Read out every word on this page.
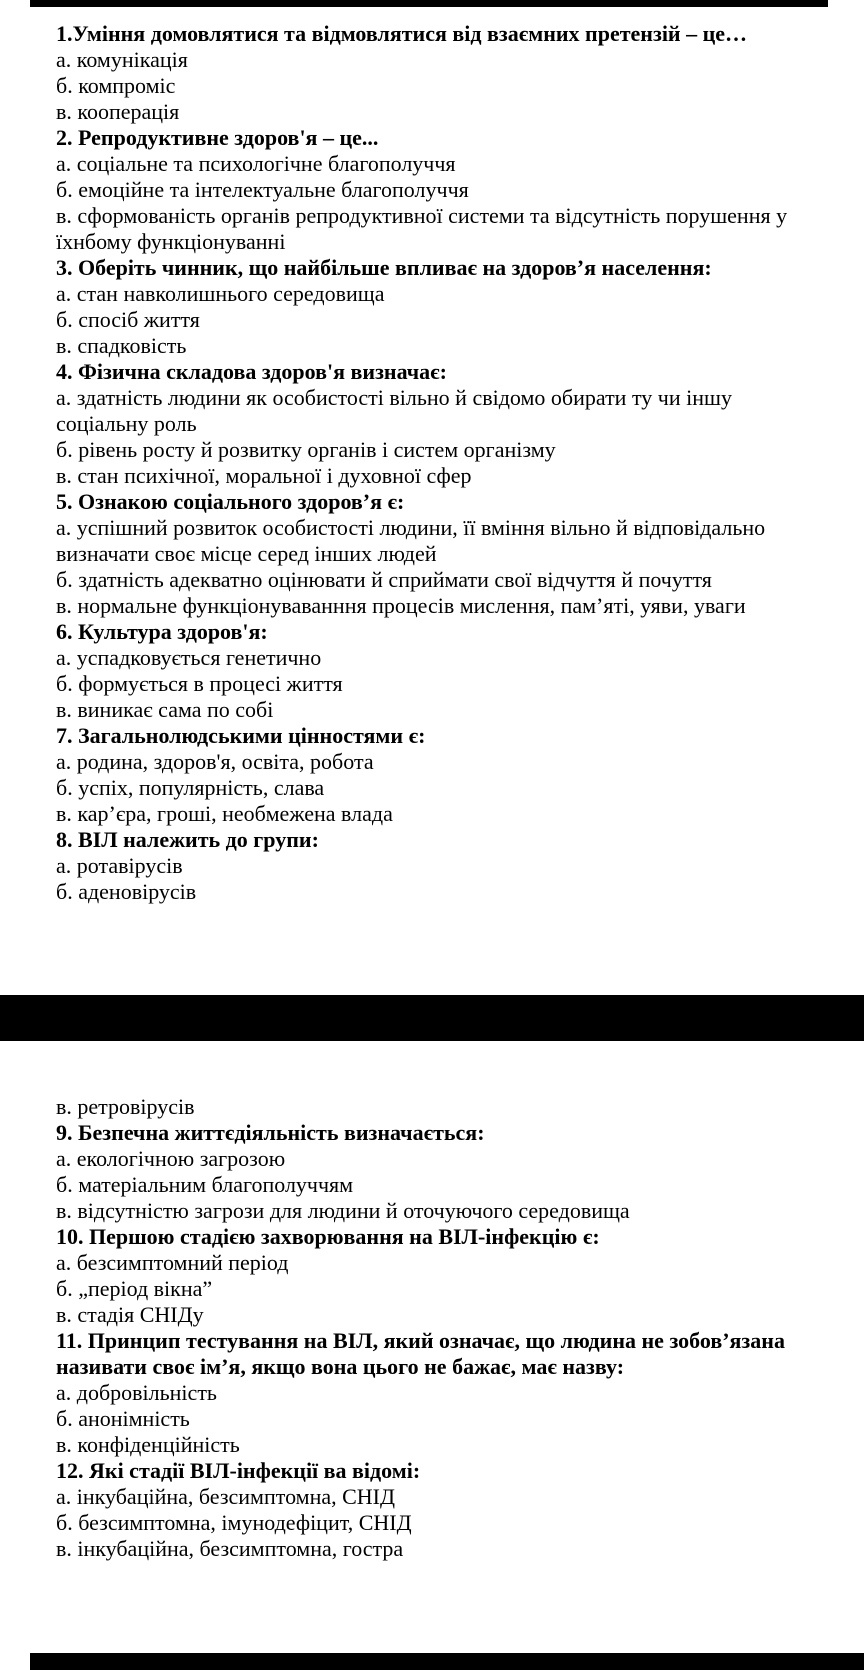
1.Уміння домовлятися та відмовлятися від взаємних претензій – це…
а. комунікація
б. компроміс
в. кооперація
2. Репродуктивне здоров'я – це...
а. соціальне та психологічне благополуччя
б. емоційне та інтелектуальне благополуччя
в. сформованість органів репродуктивної системи та відсутність порушення у їхнбому функціонуванні
3. Оберіть чинник, що найбільше впливає на здоров’я населення:
а. стан навколишнього середовища
б. спосіб життя
в. спадковість
4. Фізична складова здоров'я визначає:
а. здатність людини як особистості вільно й свідомо обирати ту чи іншу соціальну роль
б. рівень росту й розвитку органів і систем організму
в. стан психічної, моральної і духовної сфер
5. Ознакою соціального здоров’я є:
а. успішний розвиток особистості людини, її вміння вільно й відповідально визначати своє місце серед інших людей
б. здатність адекватно оцінювати й сприймати свої відчуття й почуття
в. нормальне функціонуваванння процесів мислення, пам’яті, уяви, уваги
6. Культура здоров'я:
а. успадковується генетично
б. формується в процесі життя
в. виникає сама по собі
7. Загальнолюдськими цінностями є:
а. родина, здоров'я, освіта, робота
б. успіх, популярність, слава
в. кар’єра, гроші, необмежена влада
8. ВІЛ належить до групи:
а. ротавірусів
б. аденовірусів
в. ретровірусів
9. Безпечна життєдіяльність визначається:
а. екологічною загрозою
б. матеріальним благополуччям
в. відсутністю загрози для людини й оточуючого середовища
10. Першою стадією захворювання на ВІЛ-інфекцію є:
а. безсимптомний період
б. „період вікна”
в. стадія СНІДу
11. Принцип тестування на ВІЛ, який означає, що людина не зобов’язана називати своє ім’я, якщо вона цього не бажає, має назву:
а. добровільність
б. анонімність
в. конфіденційність
12. Які стадії ВІЛ-інфекції ва відомі:
а. інкубаційна, безсимптомна, СНІД
б. безсимптомна, імунодефіцит, СНІД
в. інкубаційна, безсимптомна, гостра
